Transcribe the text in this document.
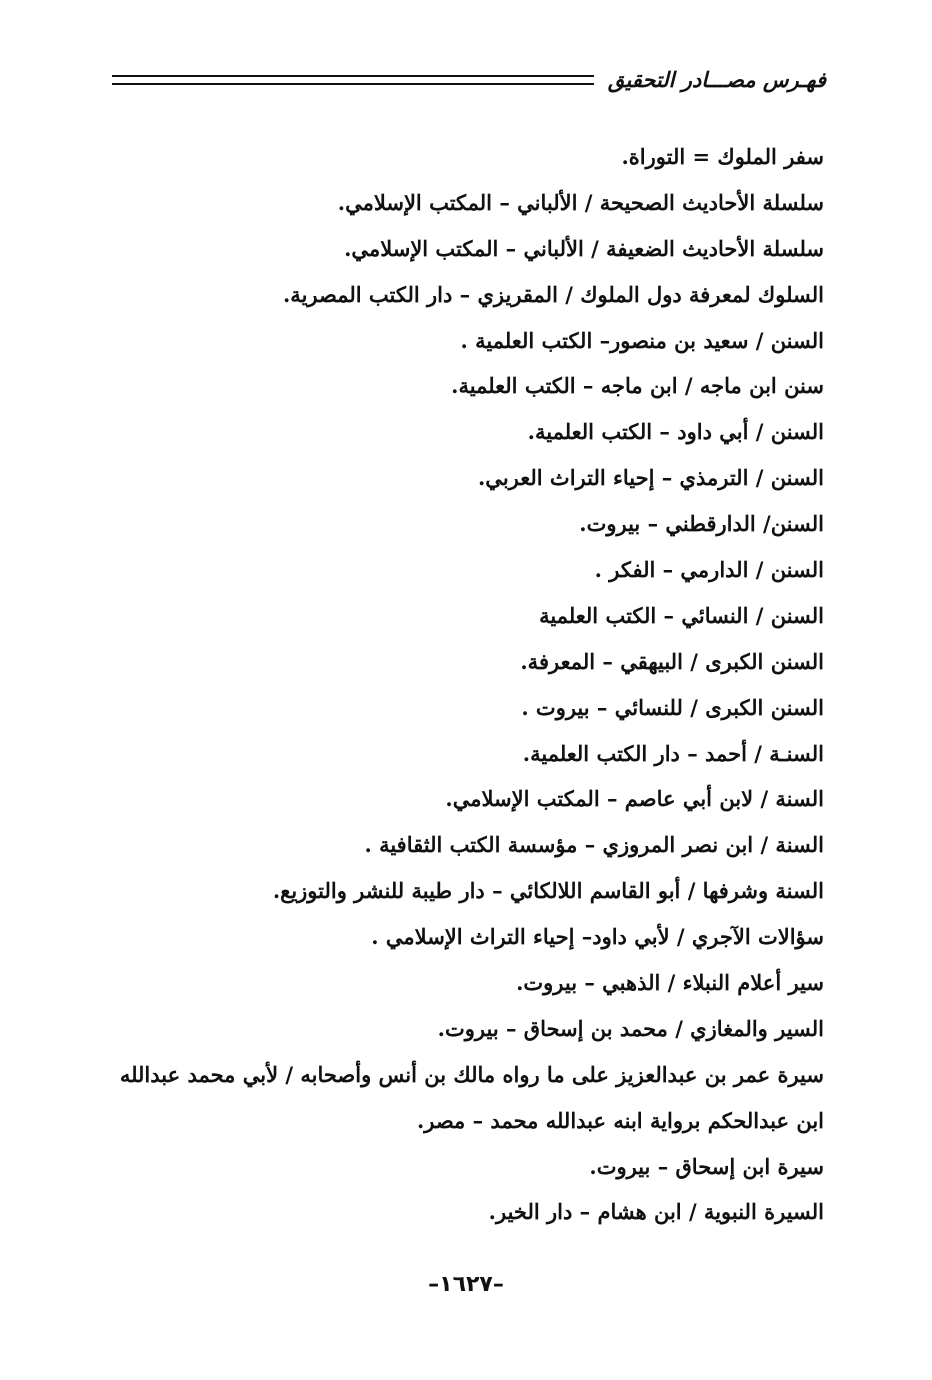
فهـرس مصـــادر التحقيق
سفر الملوك = التوراة.
سلسلة الأحاديث الصحيحة / الألباني – المكتب الإسلامي.
سلسلة الأحاديث الضعيفة / الألباني – المكتب الإسلامي.
السلوك لمعرفة دول الملوك / المقريزي – دار الكتب المصرية.
السنن / سعيد بن منصور– الكتب العلمية .
سنن ابن ماجه / ابن ماجه – الكتب العلمية.
السنن / أبي داود – الكتب العلمية.
السنن / الترمذي – إحياء التراث العربي.
السنن/ الدارقطني – بيروت.
السنن / الدارمي – الفكر .
السنن / النسائي – الكتب العلمية
السنن الكبرى / البيهقي – المعرفة.
السنن الكبرى / للنسائي – بيروت .
السنـة / أحمد – دار الكتب العلمية.
السنة / لابن أبي عاصم – المكتب الإسلامي.
السنة / ابن نصر المروزي – مؤسسة الكتب الثقافية .
السنة وشرفها / أبو القاسم اللالكائي – دار طيبة للنشر والتوزيع.
سؤالات الآجري / لأبي داود– إحياء التراث الإسلامي .
سير أعلام النبلاء / الذهبي – بيروت.
السير والمغازي / محمد بن إسحاق – بيروت.
سيرة عمر بن عبدالعزيز على ما رواه مالك بن أنس وأصحابه / لأبي محمد عبدالله
ابن عبدالحكم برواية ابنه عبدالله محمد – مصر.
سيرة ابن إسحاق – بيروت.
السيرة النبوية / ابن هشام – دار الخير.
–١٦٢٧–
